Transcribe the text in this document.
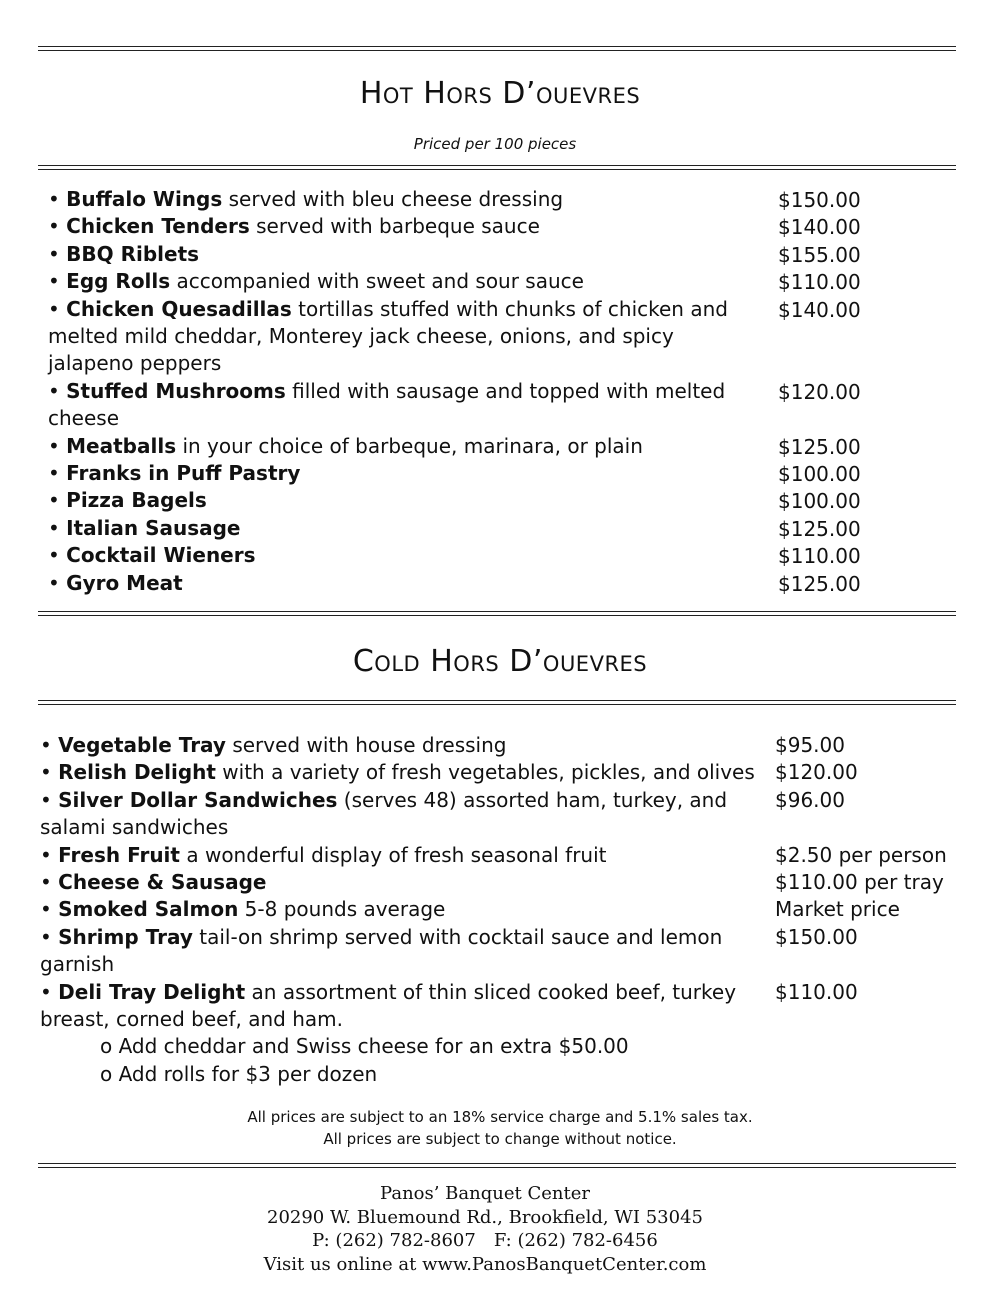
Hot Hors D’ouevres
Priced per 100 pieces
• Buffalo Wings served with bleu cheese dressing	$150.00
• Chicken Tenders served with barbeque sauce	$140.00
• BBQ Riblets	$155.00
• Egg Rolls accompanied with sweet and sour sauce	$110.00
• Chicken Quesadillas tortillas stuffed with chunks of chicken and melted mild cheddar, Monterey jack cheese, onions, and spicy jalapeno peppers
$140.00
• Stuffed Mushrooms filled with sausage and topped with melted cheese
$120.00
• Meatballs in your choice of barbeque, marinara, or plain	$125.00
• Franks in Puff Pastry	$100.00
• Pizza Bagels	$100.00
• Italian Sausage	$125.00
• Cocktail Wieners	$110.00
• Gyro Meat	$125.00
Cold Hors D’ouevres
• Vegetable Tray served with house dressing	$95.00
• Relish Delight with a variety of fresh vegetables, pickles, and olives $120.00
• Silver Dollar Sandwiches (serves 48) assorted ham, turkey, and salami sandwiches
$96.00
• Fresh Fruit a wonderful display of fresh seasonal fruit	$2.50 per person
• Cheese & Sausage	$110.00 per tray
• Smoked Salmon 5-8 pounds average	Market price
• Shrimp Tray tail-on shrimp served with cocktail sauce and lemon garnish
$150.00
• Deli Tray Delight an assortment of thin sliced cooked beef, turkey breast, corned beef, and ham.
$110.00
o Add cheddar and Swiss cheese for an extra $50.00
o Add rolls for $3 per dozen
All prices are subject to an 18% service charge and 5.1% sales tax.
All prices are subject to change without notice.
Panos’ Banquet Center
20290 W. Bluemound Rd., Brookfield, WI 53045
P: (262) 782-8607 F: (262) 782-6456
Visit us online at www.PanosBanquetCenter.com
